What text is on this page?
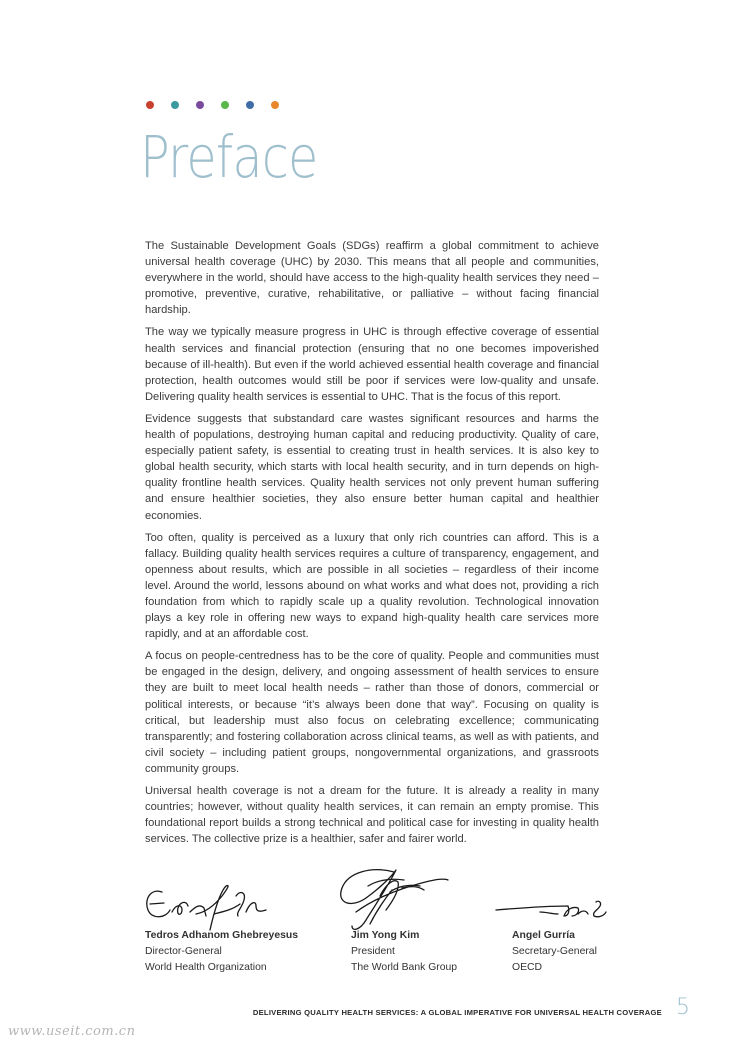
Preface

The Sustainable Development Goals (SDGs) reaffirm a global commitment to achieve universal health coverage (UHC) by 2030. This means that all people and communities, everywhere in the world, should have access to the high-quality health services they need – promotive, preventive, curative, rehabilitative, or palliative – without facing financial hardship.

The way we typically measure progress in UHC is through effective coverage of essential health services and financial protection (ensuring that no one becomes impoverished because of ill-health). But even if the world achieved essential health coverage and financial protection, health outcomes would still be poor if services were low-quality and unsafe. Delivering quality health services is essential to UHC. That is the focus of this report.

Evidence suggests that substandard care wastes significant resources and harms the health of populations, destroying human capital and reducing productivity. Quality of care, especially patient safety, is essential to creating trust in health services. It is also key to global health security, which starts with local health security, and in turn depends on high-quality frontline health services. Quality health services not only prevent human suffering and ensure healthier societies, they also ensure better human capital and healthier economies.

Too often, quality is perceived as a luxury that only rich countries can afford. This is a fallacy. Building quality health services requires a culture of transparency, engagement, and openness about results, which are possible in all societies – regardless of their income level. Around the world, lessons abound on what works and what does not, providing a rich foundation from which to rapidly scale up a quality revolution. Technological innovation plays a key role in offering new ways to expand high-quality health care services more rapidly, and at an affordable cost.

A focus on people-centredness has to be the core of quality. People and communities must be engaged in the design, delivery, and ongoing assessment of health services to ensure they are built to meet local health needs – rather than those of donors, commercial or political interests, or because “it’s always been done that way”. Focusing on quality is critical, but leadership must also focus on celebrating excellence; communicating transparently; and fostering collaboration across clinical teams, as well as with patients, and civil society – including patient groups, nongovernmental organizations, and grassroots community groups.

Universal health coverage is not a dream for the future. It is already a reality in many countries; however, without quality health services, it can remain an empty promise. This foundational report builds a strong technical and political case for investing in quality health services. The collective prize is a healthier, safer and fairer world.

Tedros Adhanom Ghebreyesus
Director-General
World Health Organization
Jim Yong Kim
President
The World Bank Group
Angel Gurría
Secretary-General
OECD
DELIVERING QUALITY HEALTH SERVICES: A GLOBAL IMPERATIVE FOR UNIVERSAL HEALTH COVERAGE 5
www.useit.com.cn
